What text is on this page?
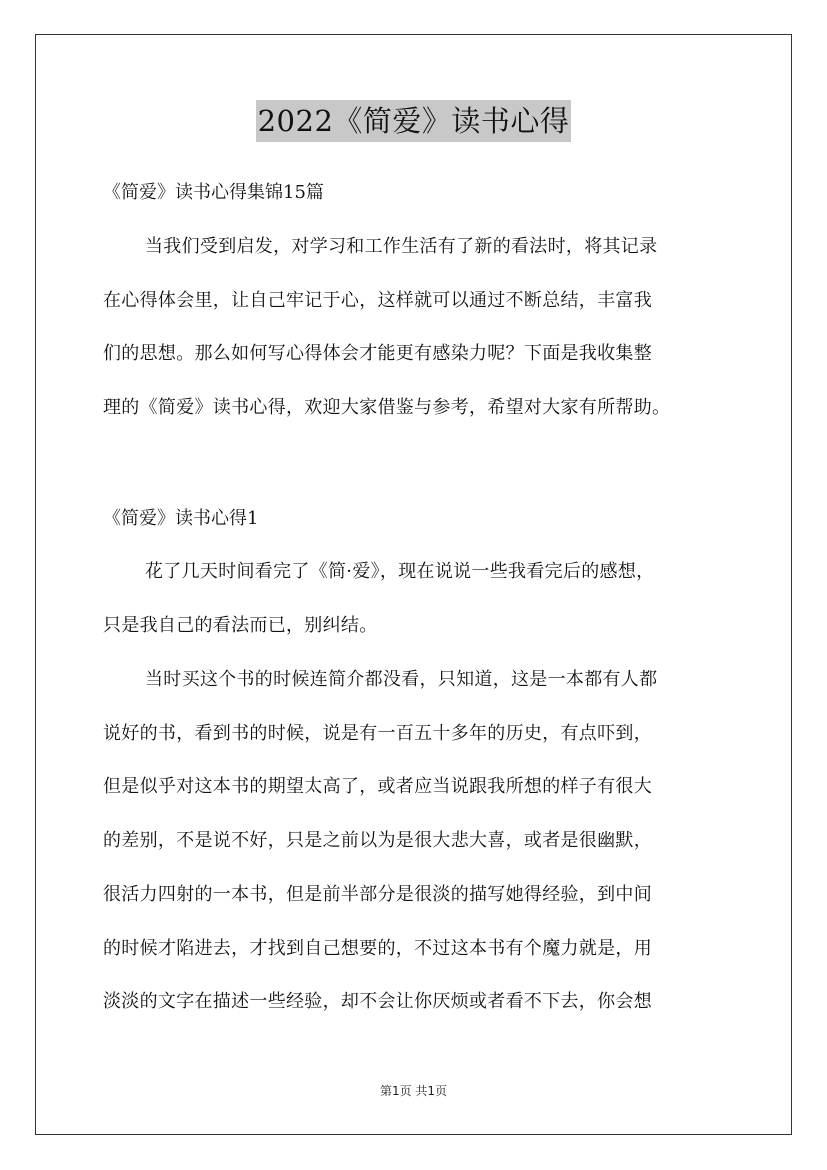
2022《简爱》读书心得
《简爱》读书心得集锦15篇
当我们受到启发，对学习和工作生活有了新的看法时，将其记录
在心得体会里，让自己牢记于心，这样就可以通过不断总结，丰富我
们的思想。那么如何写心得体会才能更有感染力呢？下面是我收集整
理的《简爱》读书心得，欢迎大家借鉴与参考，希望对大家有所帮助。
《简爱》读书心得1
花了几天时间看完了《简·爱》，现在说说一些我看完后的感想，
只是我自己的看法而已，别纠结。
当时买这个书的时候连简介都没看，只知道，这是一本都有人都
说好的书，看到书的时候，说是有一百五十多年的历史，有点吓到，
但是似乎对这本书的期望太高了，或者应当说跟我所想的样子有很大
的差别，不是说不好，只是之前以为是很大悲大喜，或者是很幽默，
很活力四射的一本书，但是前半部分是很淡的描写她得经验，到中间
的时候才陷进去，才找到自己想要的，不过这本书有个魔力就是，用
淡淡的文字在描述一些经验，却不会让你厌烦或者看不下去，你会想
第1页 共1页
